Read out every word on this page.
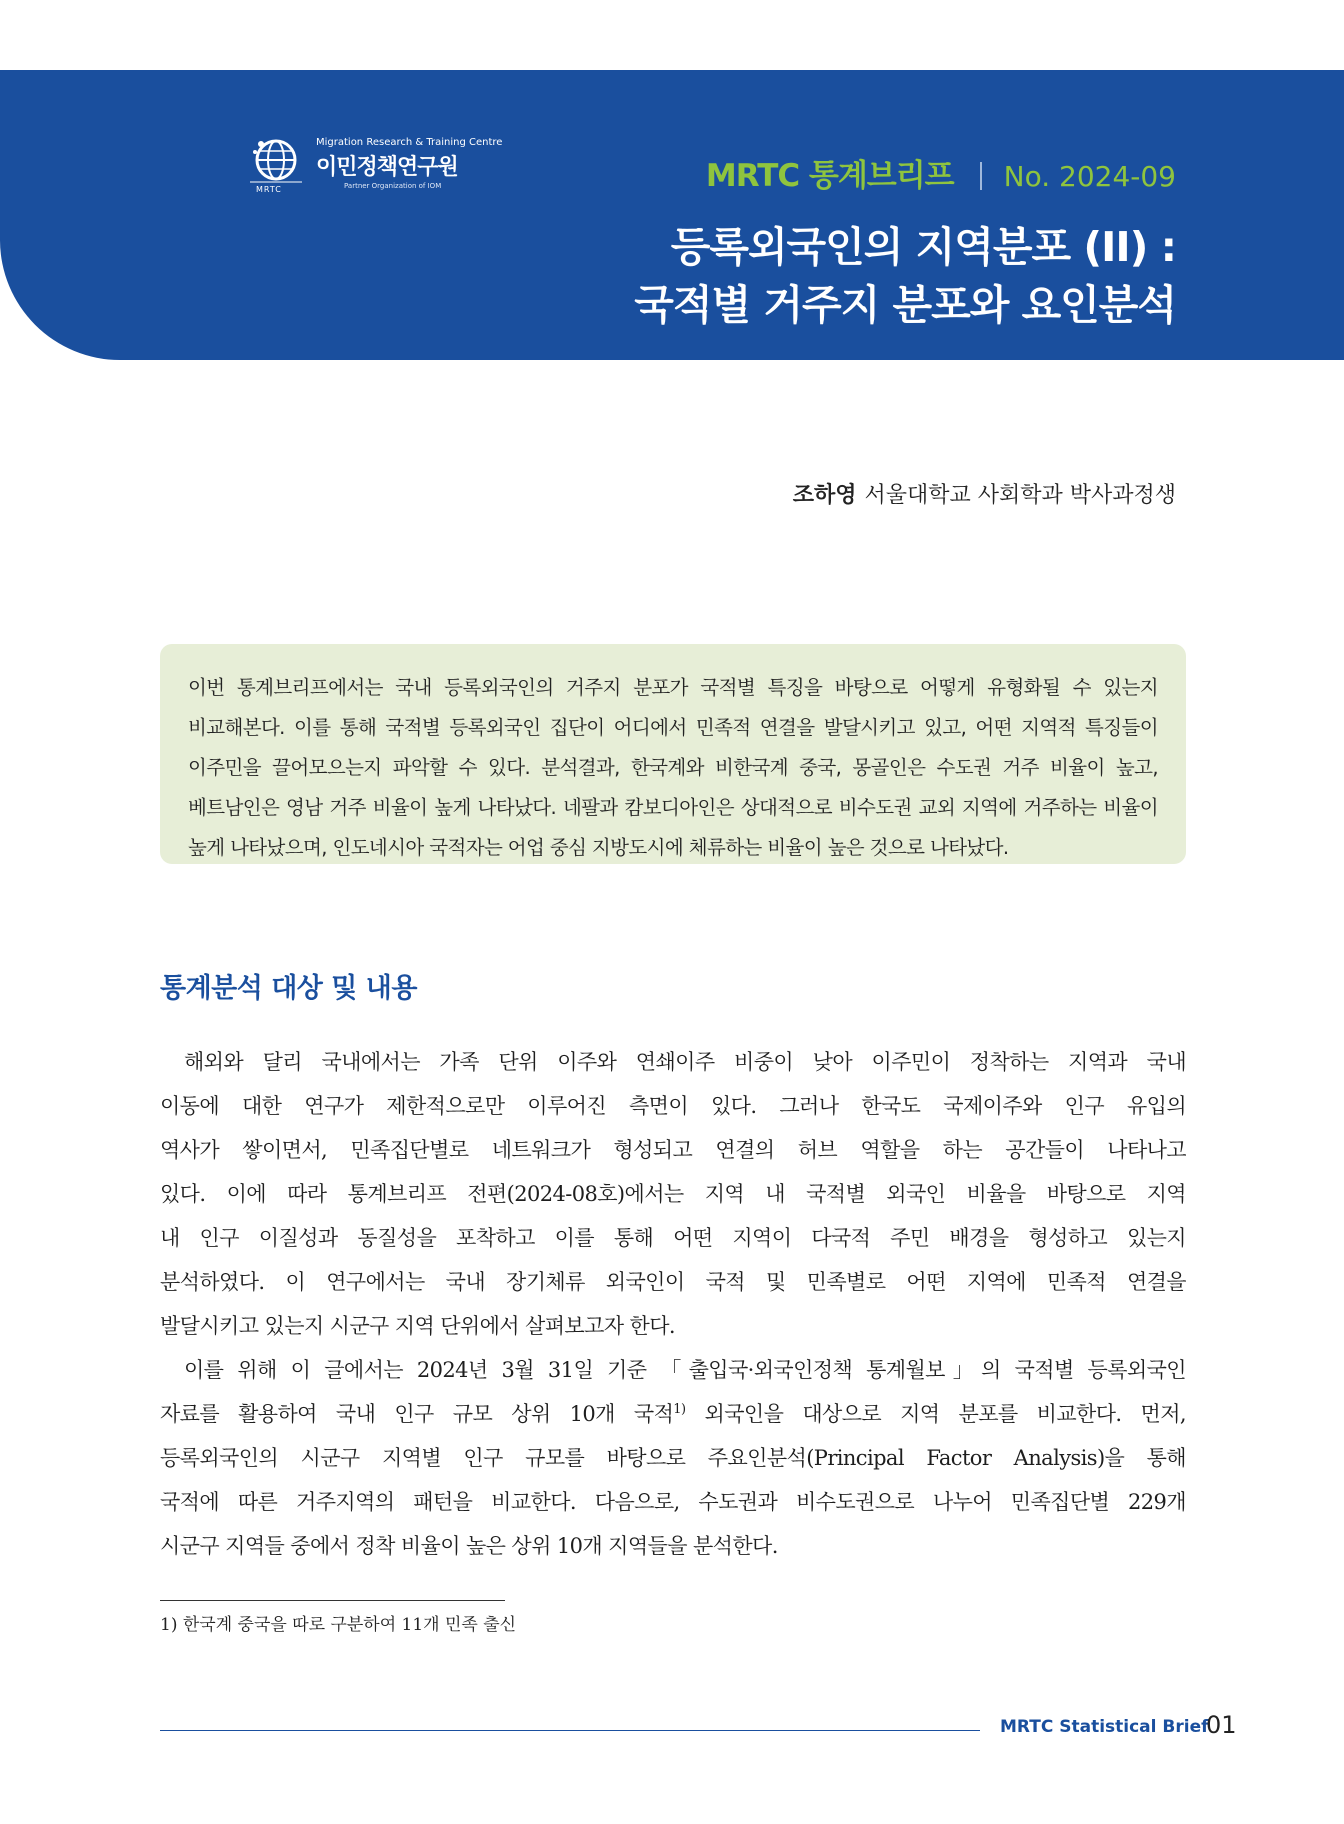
MRTC
Migration Research & Training Centre
이민정책연구원
Partner Organization of IOM	MRTC 통계브리프 No. 2024-09
등록외국인의 지역분포 (II) :
국적별 거주지 분포와 요인분석
조하영 서울대학교 사회학과 박사과정생
이번 통계브리프에서는 국내 등록외국인의 거주지 분포가 국적별 특징을 바탕으로 어떻게 유형화될 수 있는지
비교해본다. 이를 통해 국적별 등록외국인 집단이 어디에서 민족적 연결을 발달시키고 있고, 어떤 지역적 특징들이
이주민을 끌어모으는지 파악할 수 있다. 분석결과, 한국계와 비한국계 중국, 몽골인은 수도권 거주 비율이 높고,
베트남인은 영남 거주 비율이 높게 나타났다. 네팔과 캄보디아인은 상대적으로 비수도권 교외 지역에 거주하는 비율이
높게 나타났으며, 인도네시아 국적자는 어업 중심 지방도시에 체류하는 비율이 높은 것으로 나타났다.
통계분석 대상 및 내용
해외와 달리 국내에서는 가족 단위 이주와 연쇄이주 비중이 낮아 이주민이 정착하는 지역과 국내
이동에 대한 연구가 제한적으로만 이루어진 측면이 있다. 그러나 한국도 국제이주와 인구 유입의
역사가 쌓이면서, 민족집단별로 네트워크가 형성되고 연결의 허브 역할을 하는 공간들이 나타나고
있다. 이에 따라 통계브리프 전편(2024-08호)에서는 지역 내 국적별 외국인 비율을 바탕으로 지역
내 인구 이질성과 동질성을 포착하고 이를 통해 어떤 지역이 다국적 주민 배경을 형성하고 있는지
분석하였다. 이 연구에서는 국내 장기체류 외국인이 국적 및 민족별로 어떤 지역에 민족적 연결을
발달시키고 있는지 시군구 지역 단위에서 살펴보고자 한다.
이를 위해 이 글에서는 2024년 3월 31일 기준 「출입국·외국인정책 통계월보」의 국적별 등록외국인
자료를 활용하여 국내 인구 규모 상위 10개 국적$^{1)}$ 외국인을 대상으로 지역 분포를 비교한다. 먼저,
등록외국인의 시군구 지역별 인구 규모를 바탕으로 주요인분석(Principal Factor Analysis)을 통해
국적에 따른 거주지역의 패턴을 비교한다. 다음으로, 수도권과 비수도권으로 나누어 민족집단별 229개
시군구 지역들 중에서 정착 비율이 높은 상위 10개 지역들을 분석한다.
1) 한국계 중국을 따로 구분하여 11개 민족 출신
MRTC Statistical Brief
01
